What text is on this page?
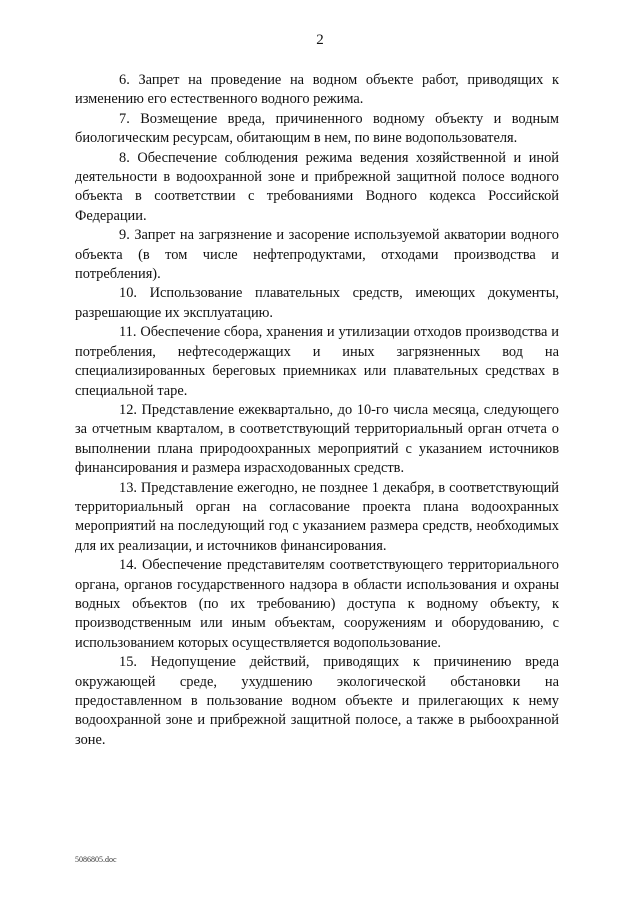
2

6. Запрет на проведение на водном объекте работ, приводящих к изменению его естественного водного режима.

7. Возмещение вреда, причиненного водному объекту и водным биологическим ресурсам, обитающим в нем, по вине водопользователя.

8. Обеспечение соблюдения режима ведения хозяйственной и иной деятельности в водоохранной зоне и прибрежной защитной полосе водного объекта в соответствии с требованиями Водного кодекса Российской Федерации.

9. Запрет на загрязнение и засорение используемой акватории водного объекта (в том числе нефтепродуктами, отходами производства и потребления).

10. Использование плавательных средств, имеющих документы, разрешающие их эксплуатацию.

11. Обеспечение сбора, хранения и утилизации отходов производства и потребления, нефтесодержащих и иных загрязненных вод на специализированных береговых приемниках или плавательных средствах в специальной таре.

12. Представление ежеквартально, до 10-го числа месяца, следующего за отчетным кварталом, в соответствующий территориальный орган отчета о выполнении плана природоохранных мероприятий с указанием источников финансирования и размера израсходованных средств.

13. Представление ежегодно, не позднее 1 декабря, в соответствующий территориальный орган на согласование проекта плана водоохранных мероприятий на последующий год с указанием размера средств, необходимых для их реализации, и источников финансирования.

14. Обеспечение представителям соответствующего территориального органа, органов государственного надзора в области использования и охраны водных объектов (по их требованию) доступа к водному объекту, к производственным или иным объектам, сооружениям и оборудованию, с использованием которых осуществляется водопользование.

15. Недопущение действий, приводящих к причинению вреда окружающей среде, ухудшению экологической обстановки на предоставленном в пользование водном объекте и прилегающих к нему водоохранной зоне и прибрежной защитной полосе, а также в рыбоохранной зоне.

5086805.doc
